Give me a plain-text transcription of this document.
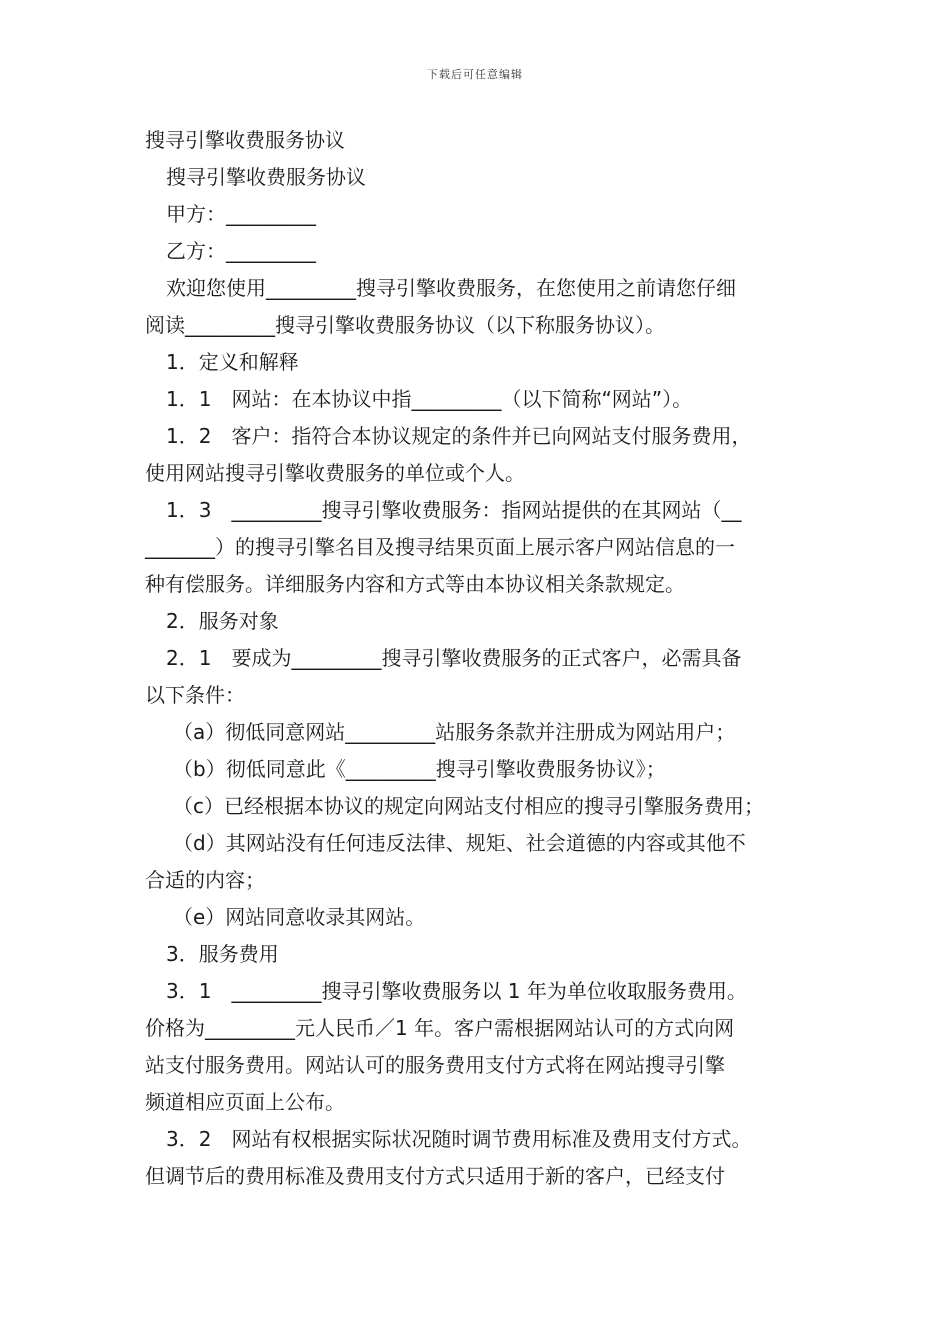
下载后可任意编辑
搜寻引擎收费服务协议
搜寻引擎收费服务协议
甲方：_________
乙方：_________
欢迎您使用_________搜寻引擎收费服务，在您使用之前请您仔细
阅读_________搜寻引擎收费服务协议（以下称服务协议）。
1．定义和解释
1．1　网站：在本协议中指_________（以下简称“网站”）。
1．2　客户：指符合本协议规定的条件并已向网站支付服务费用，
使用网站搜寻引擎收费服务的单位或个人。
1．3　_________搜寻引擎收费服务：指网站提供的在其网站（__
_______）的搜寻引擎名目及搜寻结果页面上展示客户网站信息的一
种有偿服务。详细服务内容和方式等由本协议相关条款规定。
2．服务对象
2．1　要成为_________搜寻引擎收费服务的正式客户，必需具备
以下条件：
（a）彻低同意网站_________站服务条款并注册成为网站用户；
（b）彻低同意此《_________搜寻引擎收费服务协议》；
（c）已经根据本协议的规定向网站支付相应的搜寻引擎服务费用；
（d）其网站没有任何违反法律、规矩、社会道德的内容或其他不
合适的内容；
（e）网站同意收录其网站。
3．服务费用
3．1　_________搜寻引擎收费服务以 1 年为单位收取服务费用。
价格为_________元人民币／1 年。客户需根据网站认可的方式向网
站支付服务费用。网站认可的服务费用支付方式将在网站搜寻引擎
频道相应页面上公布。
3．2　网站有权根据实际状况随时调节费用标准及费用支付方式。
但调节后的费用标准及费用支付方式只适用于新的客户，已经支付
